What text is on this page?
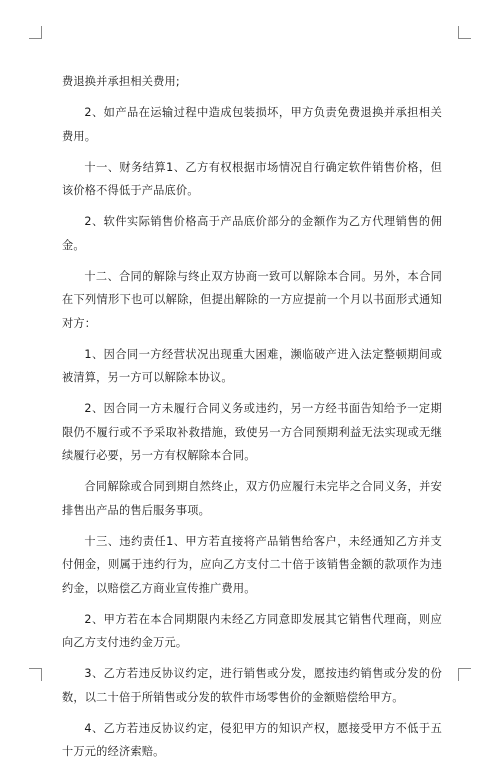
费退换并承担相关费用;

2、如产品在运输过程中造成包装损坏，甲方负责免费退换并承担相关费用。

十一、财务结算1、乙方有权根据市场情况自行确定软件销售价格，但该价格不得低于产品底价。

2、软件实际销售价格高于产品底价部分的金额作为乙方代理销售的佣金。

十二、合同的解除与终止双方协商一致可以解除本合同。另外，本合同在下列情形下也可以解除，但提出解除的一方应提前一个月以书面形式通知对方：

1、因合同一方经营状况出现重大困难，濒临破产进入法定整顿期间或被清算，另一方可以解除本协议。

2、因合同一方未履行合同义务或违约，另一方经书面告知给予一定期限仍不履行或不予采取补救措施，致使另一方合同预期利益无法实现或无继续履行必要，另一方有权解除本合同。

合同解除或合同到期自然终止，双方仍应履行未完毕之合同义务，并安排售出产品的售后服务事项。

十三、违约责任1、甲方若直接将产品销售给客户，未经通知乙方并支付佣金，则属于违约行为，应向乙方支付二十倍于该销售金额的款项作为违约金，以赔偿乙方商业宣传推广费用。

2、甲方若在本合同期限内未经乙方同意即发展其它销售代理商，则应向乙方支付违约金万元。

3、乙方若违反协议约定，进行销售或分发，愿按违约销售或分发的份数，以二十倍于所销售或分发的软件市场零售价的金额赔偿给甲方。

4、乙方若违反协议约定，侵犯甲方的知识产权，愿接受甲方不低于五十万元的经济索赔。
